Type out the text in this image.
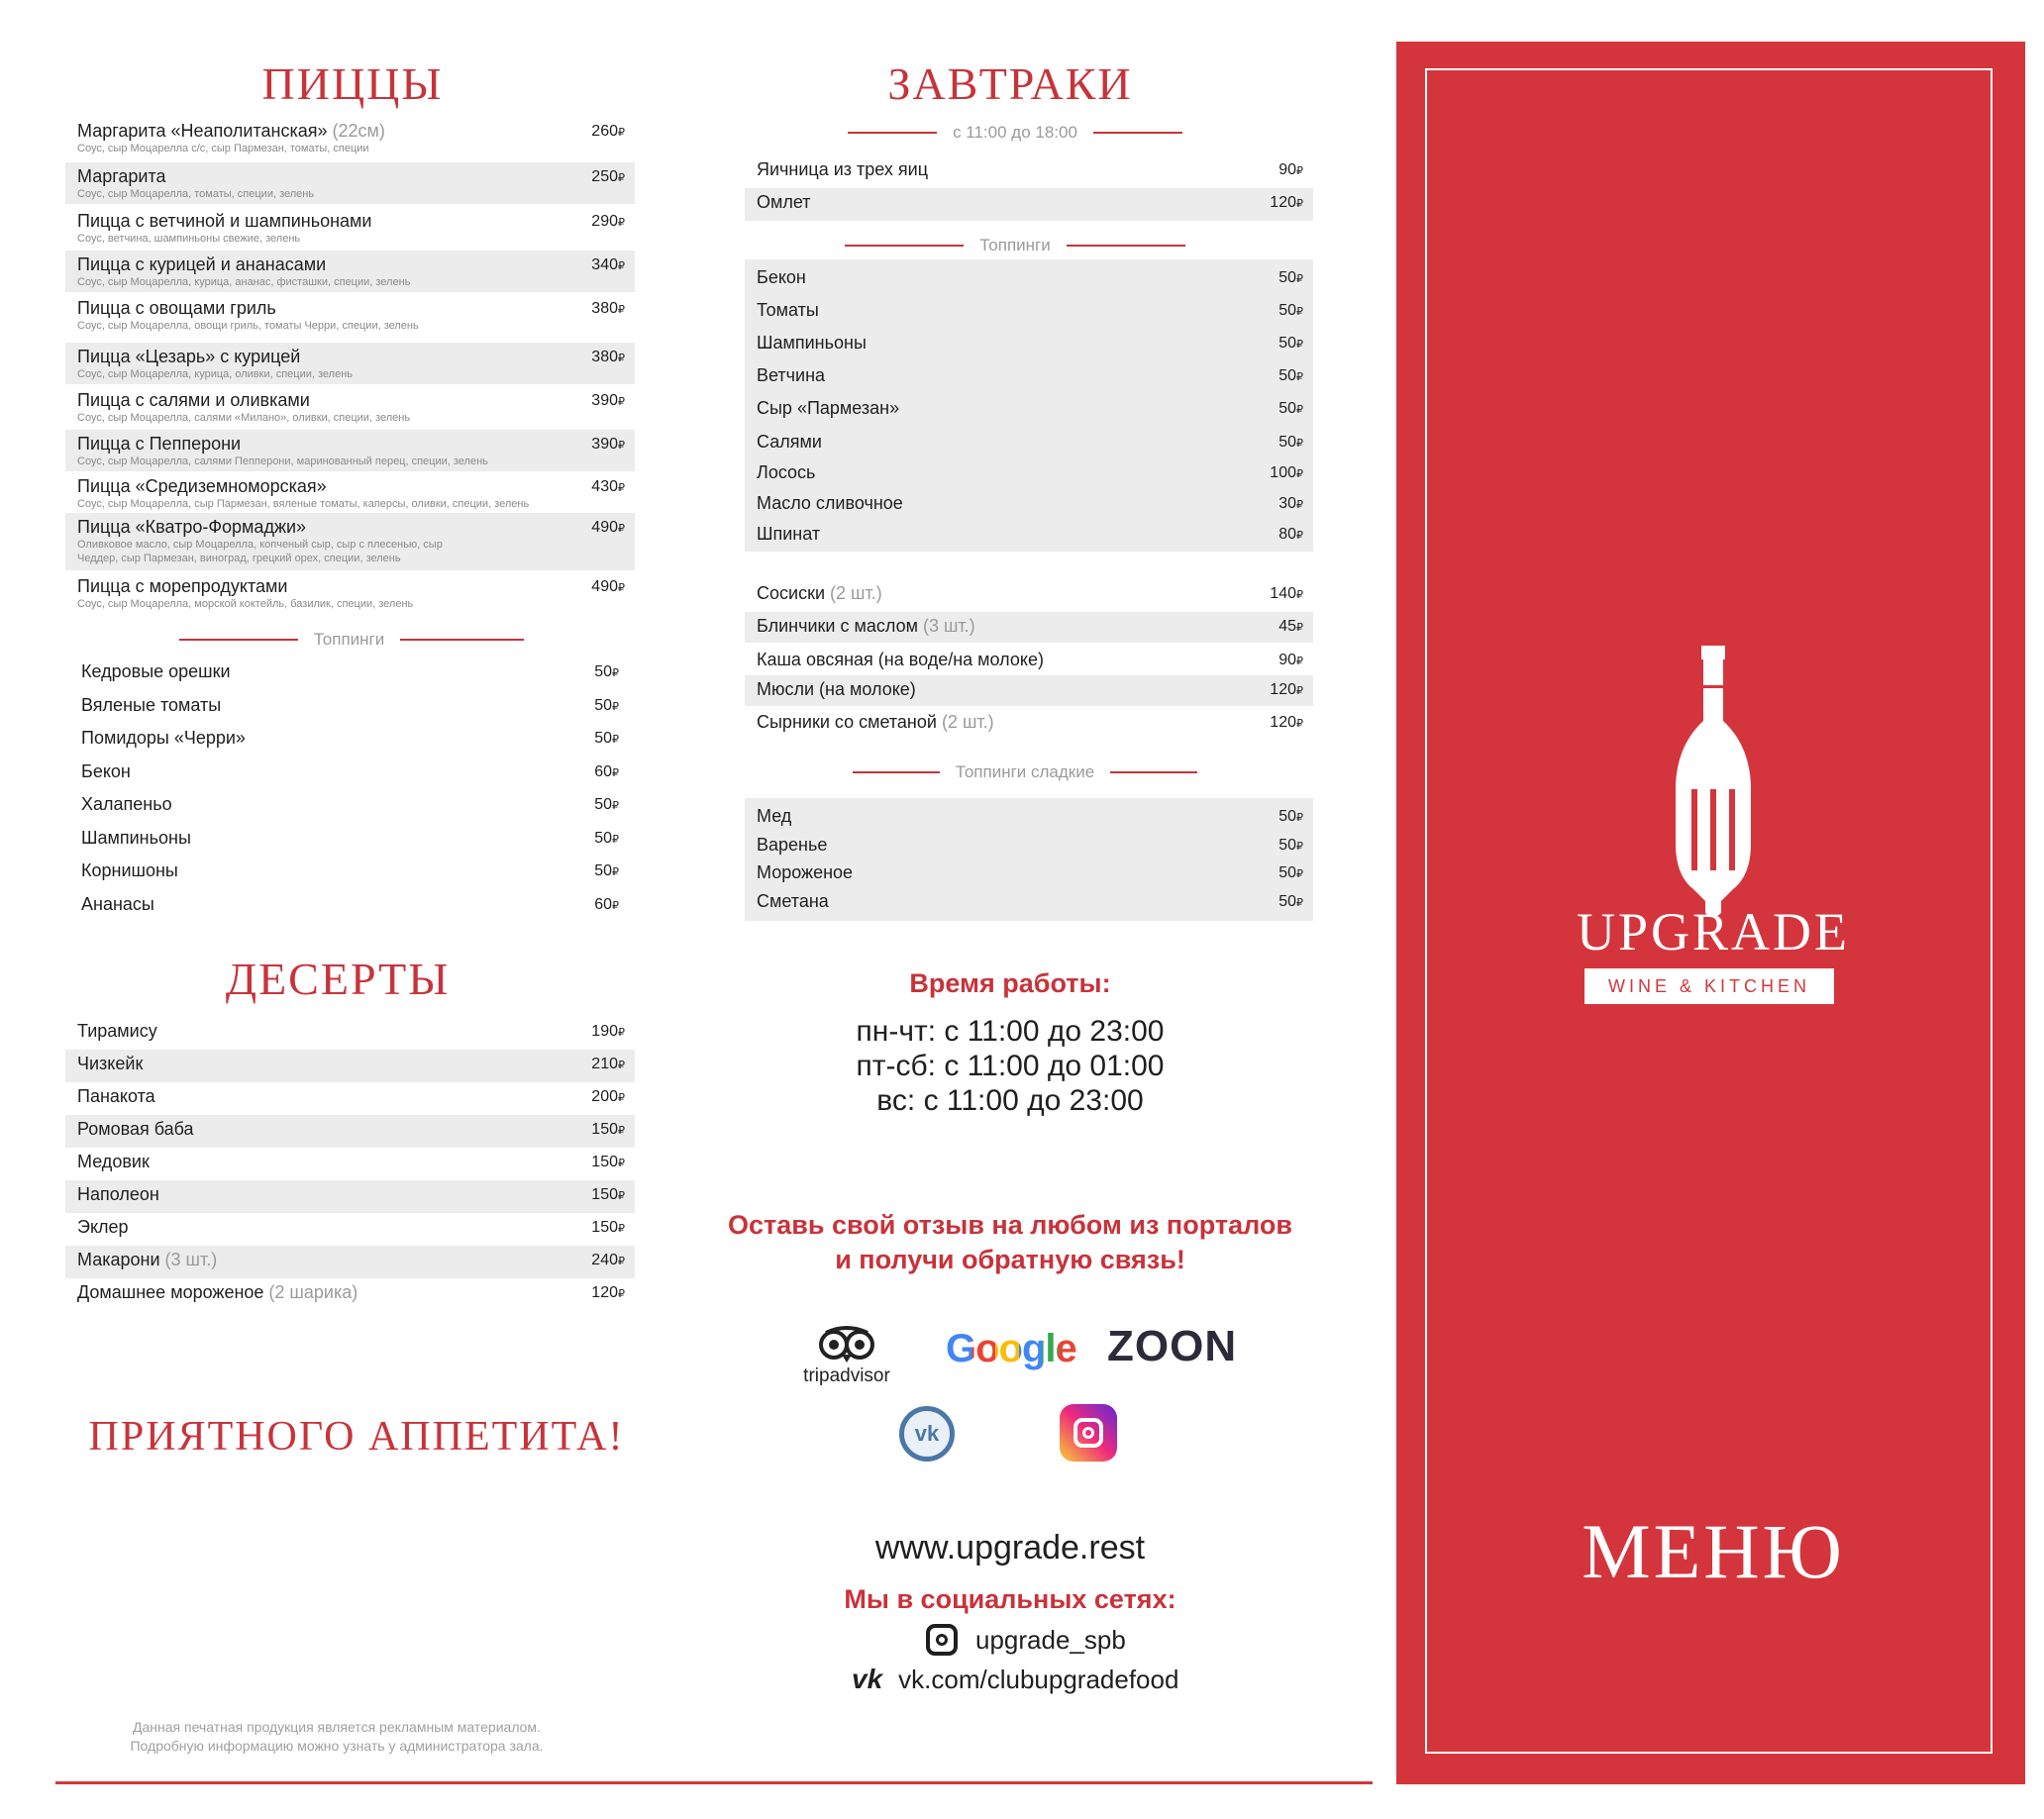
ПИЦЦЫ
Маргарита «Неаполитанская» (22см)
Соус, сыр Моцарелла с/с, сыр Пармезан, томаты, специи
260₽
Маргарита
Соус, сыр Моцарелла, томаты, специи, зелень
250₽
Пицца с ветчиной и шампиньонами
Соус, ветчина, шампиньоны свежие, зелень
290₽
Пицца с курицей и ананасами
Соус, сыр Моцарелла, курица, ананас, фисташки, специи, зелень
340₽
Пицца с овощами гриль
Соус, сыр Моцарелла, овощи гриль, томаты Черри, специи, зелень
380₽
Пицца «Цезарь» с курицей
Соус, сыр Моцарелла, курица, оливки, специи, зелень
380₽
Пицца с салями и оливками
Соус, сыр Моцарелла, салями «Милано», оливки, специи, зелень
390₽
Пицца с Пепперони
Соус, сыр Моцарелла, салями Пепперони, маринованный перец, специи, зелень
390₽
Пицца «Средиземноморская»
Соус, сыр Моцарелла, сыр Пармезан, вяленые томаты, каперсы, оливки, специи, зелень
430₽
Пицца «Кватро-Формаджи»
Оливковое масло, сыр Моцарелла, копченый сыр, сыр с плесенью, сыр
Чеддер, сыр Пармезан, виноград, грецкий орех, специи, зелень
490₽
Пицца с морепродуктами
Соус, сыр Моцарелла, морской коктейль, базилик, специи, зелень
490₽
Топпинги
Кедровые орешки	50₽
Вяленые томаты	50₽
Помидоры «Черри»	50₽
Бекон	60₽
Халапеньо	50₽
Шампиньоны	50₽
Корнишоны	50₽
Ананасы	60₽
ДЕСЕРТЫ
Тирамису	190₽
Чизкейк	210₽
Панакота	200₽
Ромовая баба	150₽
Медовик	150₽
Наполеон	150₽
Эклер	150₽
Макарони (3 шт.)	240₽
Домашнее мороженое (2 шарика)	120₽
ПРИЯТНОГО АППЕТИТА!
Данная печатная продукция является рекламным материалом.
Подробную информацию можно узнать у администратора зала.
ЗАВТРАКИ
с 11:00 до 18:00
Яичница из трех яиц	90₽
Омлет	120₽
Топпинги
Бекон	50₽
Томаты	50₽
Шампиньоны	50₽
Ветчина	50₽
Сыр «Пармезан»	50₽
Салями	50₽
Лосось	100₽
Масло сливочное	30₽
Шпинат	80₽
Сосиски (2 шт.)	140₽
Блинчики с маслом (3 шт.)	45₽
Каша овсяная (на воде/на молоке)	90₽
Мюсли (на молоке)	120₽
Сырники со сметаной (2 шт.)	120₽
Топпинги сладкие
Мед	50₽
Варенье	50₽
Мороженое	50₽
Сметана	50₽
Время работы:
пн-чт: с 11:00 до 23:00
пт-сб: с 11:00 до 01:00
вс: с 11:00 до 23:00
Оставь свой отзыв на любом из порталов
и получи обратную связь!
tripadvisor
Google ZOON
vk
www.upgrade.rest
Мы в социальных сетях:
upgrade_spb
vk vk.com/clubupgradefood
UPGRADE
WINE & KITCHEN
МЕНЮ
